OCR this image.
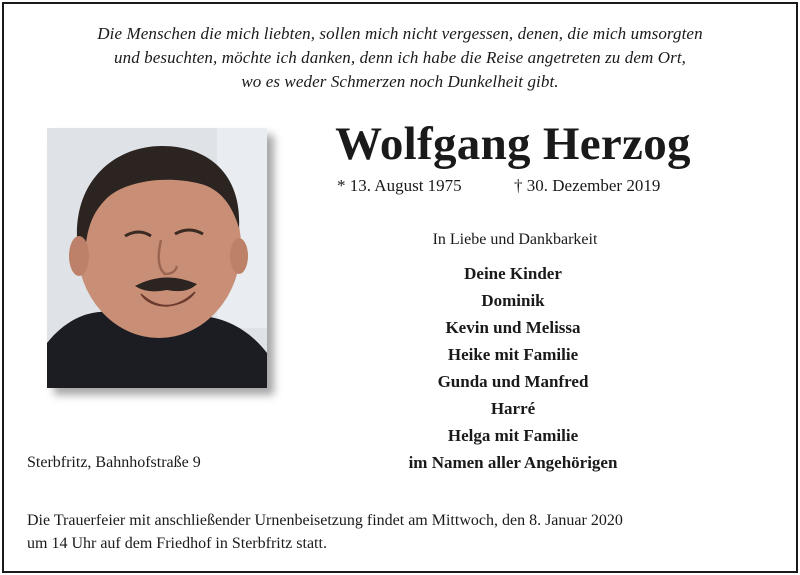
Die Menschen die mich liebten, sollen mich nicht vergessen, denen, die mich umsorgten
und besuchten, möchte ich danken, denn ich habe die Reise angetreten zu dem Ort,
wo es weder Schmerzen noch Dunkelheit gibt.
Wolfgang Herzog
* 13. August 1975	† 30. Dezember 2019
In Liebe und Dankbarkeit
Deine Kinder
Dominik
Kevin und Melissa
Heike mit Familie
Gunda und Manfred
Harré
Helga mit Familie
im Namen aller Angehörigen
Sterbfritz, Bahnhofstraße 9
Die Trauerfeier mit anschließender Urnenbeisetzung findet am Mittwoch, den 8. Januar 2020
um 14 Uhr auf dem Friedhof in Sterbfritz statt.
